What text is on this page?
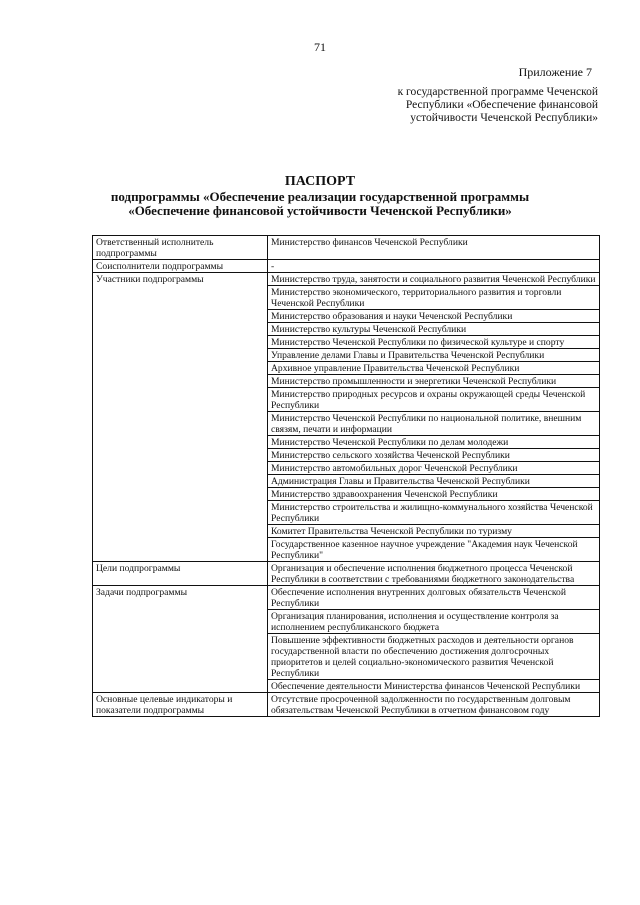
71
Приложение 7
к государственной программе Чеченской Республики «Обеспечение финансовой устойчивости Чеченской Республики»
ПАСПОРТ
подпрограммы «Обеспечение реализации государственной программы
«Обеспечение финансовой устойчивости Чеченской Республики»
Ответственный исполнитель подпрограммы	Министерство финансов Чеченской Республики
Соисполнители подпрограммы	-
Участники подпрограммы	Министерство труда, занятости и социального развития Чеченской Республики
	Министерство экономического, территориального развития и торговли Чеченской Республики
	Министерство образования и науки Чеченской Республики
	Министерство культуры Чеченской Республики
	Министерство Чеченской Республики по физической культуре и спорту
	Управление делами Главы и Правительства Чеченской Республики
	Архивное управление Правительства Чеченской Республики
	Министерство промышленности и энергетики Чеченской Республики
	Министерство природных ресурсов и охраны окружающей среды Чеченской Республики
	Министерство Чеченской Республики по национальной политике, внешним связям, печати и информации
	Министерство Чеченской Республики по делам молодежи
	Министерство сельского хозяйства Чеченской Республики
	Министерство автомобильных дорог Чеченской Республики
	Администрация Главы и Правительства Чеченской Республики
	Министерство здравоохранения Чеченской Республики
	Министерство строительства и жилищно-коммунального хозяйства Чеченской Республики
	Комитет Правительства Чеченской Республики по туризму
	Государственное казенное научное учреждение "Академия наук Чеченской Республики"
Цели подпрограммы	Организация и обеспечение исполнения бюджетного процесса Чеченской Республики в соответствии с требованиями бюджетного законодательства
Задачи подпрограммы	Обеспечение исполнения внутренних долговых обязательств Чеченской Республики
	Организация планирования, исполнения и осуществление контроля за исполнением республиканского бюджета
	Повышение эффективности бюджетных расходов и деятельности органов государственной власти по обеспечению достижения долгосрочных приоритетов и целей социально-экономического развития Чеченской Республики
	Обеспечение деятельности Министерства финансов Чеченской Республики
Основные целевые индикаторы и показатели подпрограммы	Отсутствие просроченной задолженности по государственным долговым обязательствам Чеченской Республики в отчетном финансовом году
